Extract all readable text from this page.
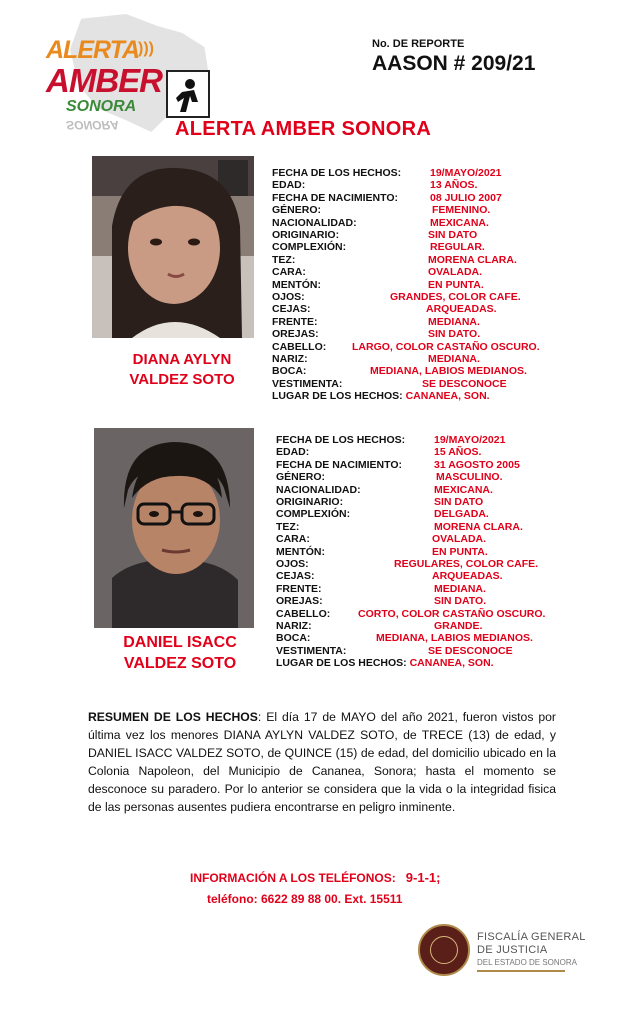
ALERTA
)))
AMBER
SONORA
SONORA
No. DE REPORTE
AASON # 209/21
ALERTA AMBER SONORA
DIANA AYLYN
VALDEZ SOTO
FECHA DE LOS HECHOS:	19/MAYO/2021
EDAD:	13 AÑOS.
FECHA DE NACIMIENTO:	08 JULIO 2007
GÉNERO:	FEMENINO.
NACIONALIDAD:	MEXICANA.
ORIGINARIO:	SIN DATO
COMPLEXIÓN:	REGULAR.
TEZ:	MORENA CLARA.
CARA:	OVALADA.
MENTÓN:	EN PUNTA.
OJOS:	GRANDES, COLOR CAFE.
CEJAS:	ARQUEADAS.
FRENTE:	MEDIANA.
OREJAS:	SIN DATO.
CABELLO: LARGO, COLOR CASTAÑO OSCURO.
NARIZ:	MEDIANA.
BOCA:	MEDIANA, LABIOS MEDIANOS.
VESTIMENTA:	SE DESCONOCE
LUGAR DE LOS HECHOS: CANANEA, SON.
DANIEL ISACC
VALDEZ SOTO
FECHA DE LOS HECHOS:	19/MAYO/2021
EDAD:	15 AÑOS.
FECHA DE NACIMIENTO:	31 AGOSTO 2005
GÉNERO:	MASCULINO.
NACIONALIDAD:	MEXICANA.
ORIGINARIO:	SIN DATO
COMPLEXIÓN:	DELGADA.
TEZ:	MORENA CLARA.
CARA:	OVALADA.
MENTÓN:	EN PUNTA.
OJOS:	REGULARES, COLOR CAFE.
CEJAS:	ARQUEADAS.
FRENTE:	MEDIANA.
OREJAS:	SIN DATO.
CABELLO:	CORTO, COLOR CASTAÑO OSCURO.
NARIZ:	GRANDE.
BOCA:	MEDIANA, LABIOS MEDIANOS.
VESTIMENTA:	SE DESCONOCE
LUGAR DE LOS HECHOS: CANANEA, SON.
RESUMEN DE LOS HECHOS: El día 17 de MAYO del año 2021, fueron vistos por última vez los menores DIANA AYLYN VALDEZ SOTO, de TRECE (13) de edad, y DANIEL ISACC VALDEZ SOTO, de QUINCE (15) de edad, del domicilio ubicado en la Colonia Napoleon, del Municipio de Cananea, Sonora; hasta el momento se desconoce su paradero. Por lo anterior se considera que la vida o la integridad fisica de las personas ausentes pudiera encontrarse en peligro inminente.
INFORMACIÓN A LOS TELÉFONOS: 9-1-1;
teléfono: 6622 89 88 00. Ext. 15511
FISCALÍA GENERAL
DE JUSTICIA
DEL ESTADO DE SONORA
